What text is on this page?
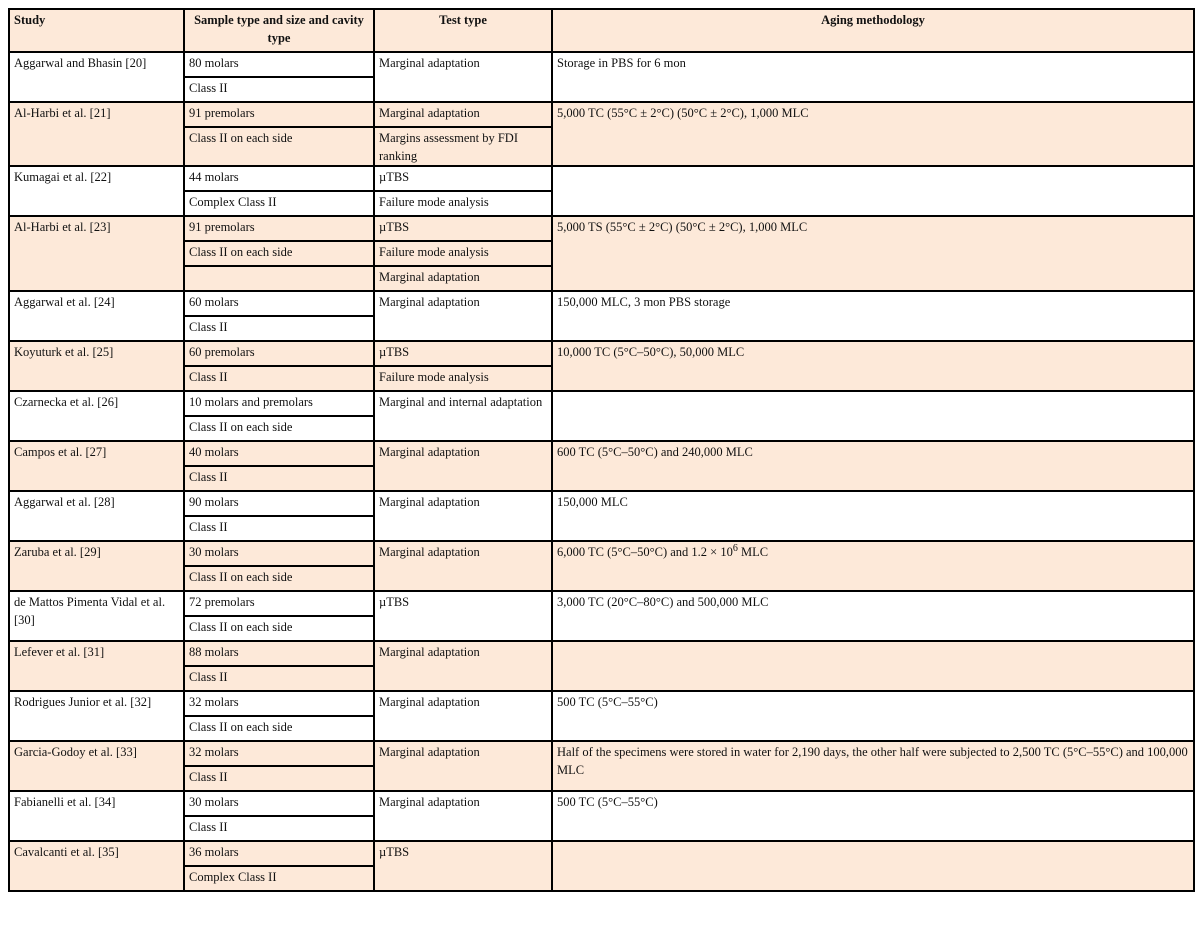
Study	Sample type and size and cavity type	Test type	Aging methodology
Aggarwal and Bhasin [20]	80 molars	Marginal adaptation	Storage in PBS for 6 mon
	Class II		
Al-Harbi et al. [21]	91 premolars	Marginal adaptation	5,000 TC (55°C ± 2°C) (50°C ± 2°C), 1,000 MLC
	Class II on each side	Margins assessment by FDI ranking	
Kumagai et al. [22]	44 molars	µTBS	
	Complex Class II	Failure mode analysis	
Al-Harbi et al. [23]	91 premolars	µTBS	5,000 TS (55°C ± 2°C) (50°C ± 2°C), 1,000 MLC
	Class II on each side	Failure mode analysis	
		Marginal adaptation	
Aggarwal et al. [24]	60 molars	Marginal adaptation	150,000 MLC, 3 mon PBS storage
	Class II		
Koyuturk et al. [25]	60 premolars	µTBS	10,000 TC (5°C–50°C), 50,000 MLC
	Class II	Failure mode analysis	
Czarnecka et al. [26]	10 molars and premolars	Marginal and internal adaptation	
	Class II on each side		
Campos et al. [27]	40 molars	Marginal adaptation	600 TC (5°C–50°C) and 240,000 MLC
	Class II		
Aggarwal et al. [28]	90 molars	Marginal adaptation	150,000 MLC
	Class II		
Zaruba et al. [29]	30 molars	Marginal adaptation	6,000 TC (5°C–50°C) and $1.2 \times 10^6$ MLC
	Class II on each side		
de Mattos Pimenta Vidal et al. [30]	72 premolars	µTBS	3,000 TC (20°C–80°C) and 500,000 MLC
	Class II on each side		
Lefever et al. [31]	88 molars	Marginal adaptation	
	Class II		
Rodrigues Junior et al. [32]	32 molars	Marginal adaptation	500 TC (5°C–55°C)
	Class II on each side		
Garcia-Godoy et al. [33]	32 molars	Marginal adaptation	Half of the specimens were stored in water for 2,190 days, the other half were subjected to 2,500 TC (5°C–55°C) and 100,000 MLC
	Class II		
Fabianelli et al. [34]	30 molars	Marginal adaptation	500 TC (5°C–55°C)
	Class II		
Cavalcanti et al. [35]	36 molars	µTBS	
	Complex Class II		
